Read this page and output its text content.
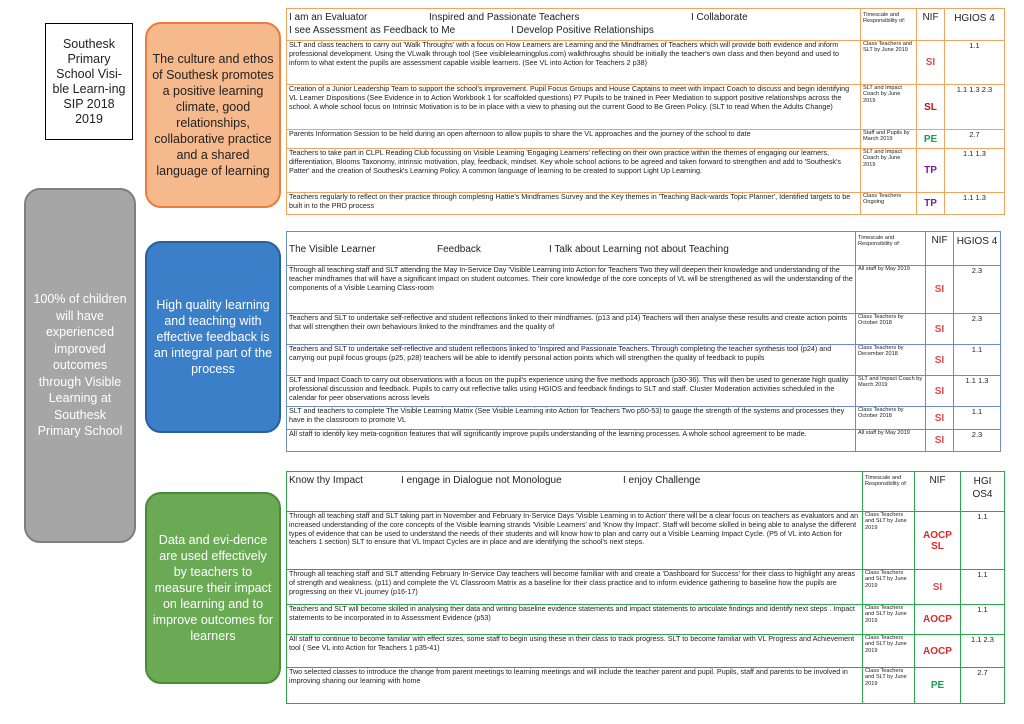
Southesk Primary School Visi-ble Learn-ing SIP 2018 2019
100% of children will have experienced improved outcomes through Visible Learning at Southesk Primary School
The culture and ethos of Southesk promotes a positive learning climate, good relationships, collaborative practice and a shared language of learning
High quality learning and teaching with effective feedback is an integral part of the process
Data and evi-dence are used effectively by teachers to measure their impact on learning and to improve outcomes for learners
I am an Evaluator Inspired and Passionate Teachers I Collaborate
I see Assessment as Feedback to Me I Develop Positive Relationships	Timescale and Responsibility of:	NIF	HGIOS 4
SLT and class teachers to carry out 'Walk Throughs' with a focus on How Learners are Learning and the Mindframes of Teachers which will provide both evidence and inform professional development. Using the VLwalk through tool (See visiblelearningplus.com) walkthroughs should be initially the teacher's own class and then beyond and used to inform to what extent the pupils are assessment capable visible learners. (See VL into Action for Teachers 2 p38)	Class Teachers and SLT by June 2019	SI	1.1
Creation of a Junior Leadership Team to support the school's improvement. Pupil Focus Groups and House Captains to meet with Impact Coach to discuss and begin identifying VL Learner Dispositions (See Evidence in to Action Workbook 1 for scaffolded questions) P7 Pupils to be trained in Peer Mediation to support positive relationships across the school. A whole school focus on Intrinsic Motivation is to be in place with a view to phasing out the current Good to Be Green Policy. (SLT to read When the Adults Change)	SLT and Impact Coach by June 2019	SL	1.1 1.3 2.3
Parents Information Session to be held during an open afternoon to allow pupils to share the VL approaches and the journey of the school to date	Staff and Pupils by March 2019	PE	2.7
Teachers to take part in CLPL Reading Club focussing on Visible Learning 'Engaging Learners' reflecting on their own practice within the themes of engaging our learners, differentiation, Blooms Taxonomy, intrinsic motivation, play, feedback, mindset. Key whole school actions to be agreed and taken forward to strengthen and add to 'Southesk's Patter' and the creation of Southesk's Learning Policy. A common language of learning to be created to support Light Up Learning.	SLT and Impact Coach by June 2019	TP	1.1 1.3
Teachers regularly to reflect on their practice through completing Hattie's Mindframes Survey and the Key themes in 'Teaching Back-wards Topic Planner', Identified targets to be built in to the PRD process	Class Teachers Ongoing	TP	1.1 1.3
The Visible Learner Feedback I Talk about Learning not about Teaching	Timescale and Responsibility of:	NIF	HGIOS 4
Through all teaching staff and SLT attending the May In-Service Day 'Visible Learning into Action for Teachers Two they will deepen their knowledge and understanding of the teacher mindframes that will have a significant impact on student outcomes. Their core knowledge of the core concepts of VL will be strengthened as will the understanding of the components of a Visible Learning Class-room	All staff by May 2019	SI	2.3
Teachers and SLT to undertake self-reflective and student reflections linked to their mindframes. (p13 and p14) Teachers will then analyse these results and create action points that will strengthen their own behaviours linked to the mindframes and the quality of	Class Teachers by October 2018	SI	2.3
Teachers and SLT to undertake self-reflective and student reflections linked to 'Inspired and Passionate Teachers. Through completing the teacher synthesis tool (p24) and carrying out pupil focus groups (p25, p28) teachers will be able to identify personal action points which will strengthen the quality of feedback to pupils	Class Teachers by December 2018	SI	1.1
SLT and Impact Coach to carry out observations with a focus on the pupil's experience using the five methods approach (p30-36). This will then be used to generate high quality professional discussion and feedback. Pupils to carry out reflective talks using HGIOS and feedback findings to SLT and staff. Cluster Moderation activities scheduled in the calendar for peer observations across levels	SLT and Impact Coach by March 2019	SI	1.1 1.3
SLT and teachers to complete The Visible Learning Matrix (See Visible Learning into Action for Teachers Two p50-53) to gauge the strength of the systems and processes they have in the classroom to promote VL	Class Teachers by October 2018	SI	1.1
All staff to identify key meta-cognition features that will significantly improve pupils understanding of the learning processes. A whole school agreement to be made.	All staff by May 2019	SI	2.3
Know thy Impact I engage in Dialogue not Monologue I enjoy Challenge	Timescale and Responsibility of:	NIF	HGI OS4
Through all teaching staff and SLT taking part in November and February In-Service Days 'Visible Learning in to Action' there will be a clear focus on teachers as evaluators and an increased understanding of the core concepts of the Visible learning strands 'Visible Learners' and 'Know thy Impact'. Staff will become skilled in being able to analyse the different types of evidence that can be used to understand the needs of their students and will know how to plan and carry out a Visible Learning Impact Cycle. (P5 of VL into Action for teachers 1 section) SLT to ensure that VL Impact Cycles are in place and are identifying the school's next steps.	Class Teachers and SLT by June 2019	AOCP SL	1.1
Through all teaching staff and SLT attending February In-Service Day teachers will become familiar with and create a 'Dashboard for Success' for their class to highlight any areas of strength and weakness. (p11) and complete the VL Classroom Matrix as a baseline for their class practice and to inform evidence gathering to baseline how the pupils are progressing on their VL journey (p16-17)	Class Teachers and SLT by June 2019	SI	1.1
Teachers and SLT will become skilled in analysing their data and writing baseline evidence statements and impact statements to articulate findings and identify next steps . Impact statements to be incorporated in to Assessment Evidence (p53)	Class Teachers and SLT by June 2019	AOCP	1.1
All staff to continue to become familiar with effect sizes, some staff to begin using these in their class to track progress. SLT to become familiar with VL Progress and Achievement tool ( See VL into Action for Teachers 1 p35-41)	Class Teachers and SLT by June 2019	AOCP	1.1 2.3
Two selected classes to introduce the change from parent meetings to learning meetings and will include the teacher parent and pupil. Pupils, staff and parents to be involved in improving sharing our learning with home	Class Teachers and SLT by June 2019	PE	2.7
